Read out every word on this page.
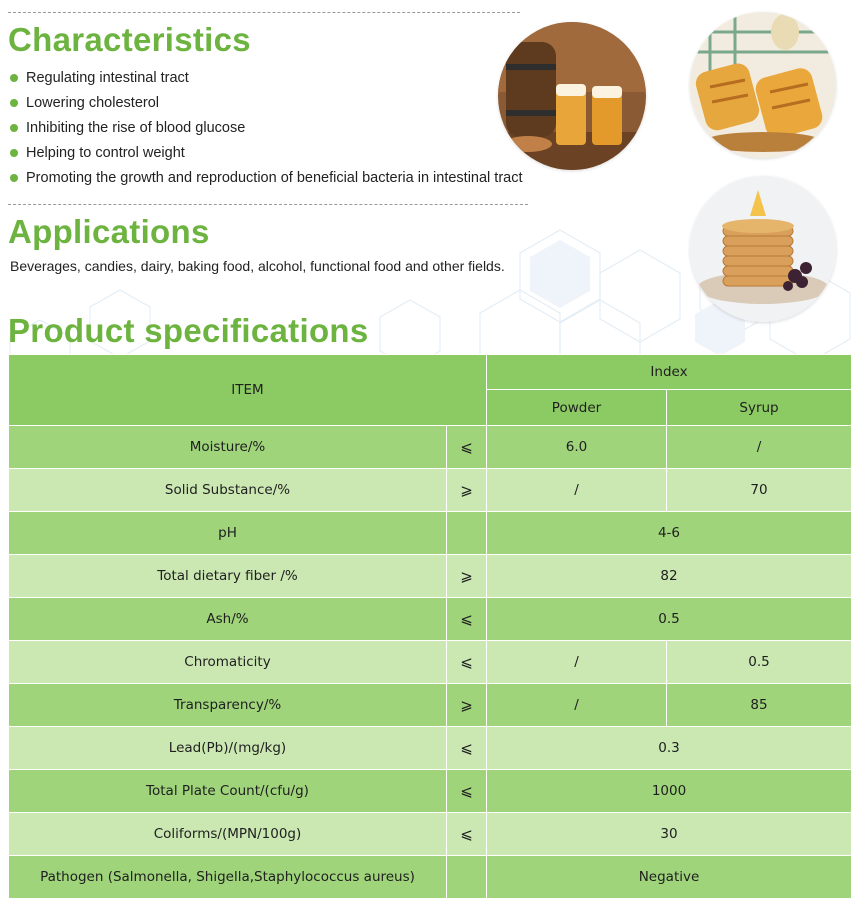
Characteristics
Regulating intestinal tract
Lowering cholesterol
Inhibiting the rise of blood glucose
Helping to control weight
Promoting the growth and reproduction of beneficial bacteria in intestinal tract
Applications

Beverages, candies, dairy, baking food, alcohol, functional food and other fields.

Product specifications
ITEM		Index	
		Powder	Syrup
Moisture/%	⩽	6.0	/
Solid Substance/%	⩾	/	70
pH		4-6	
Total dietary fiber /%	⩾	82	
Ash/%	⩽	0.5	
Chromaticity	⩽	/	0.5
Transparency/%	⩾	/	85
Lead(Pb)/(mg/kg)	⩽	0.3	
Total Plate Count/(cfu/g)	⩽	1000	
Coliforms/(MPN/100g)	⩽	30	
Pathogen (Salmonella, Shigella,Staphylococcus aureus)		Negative	
